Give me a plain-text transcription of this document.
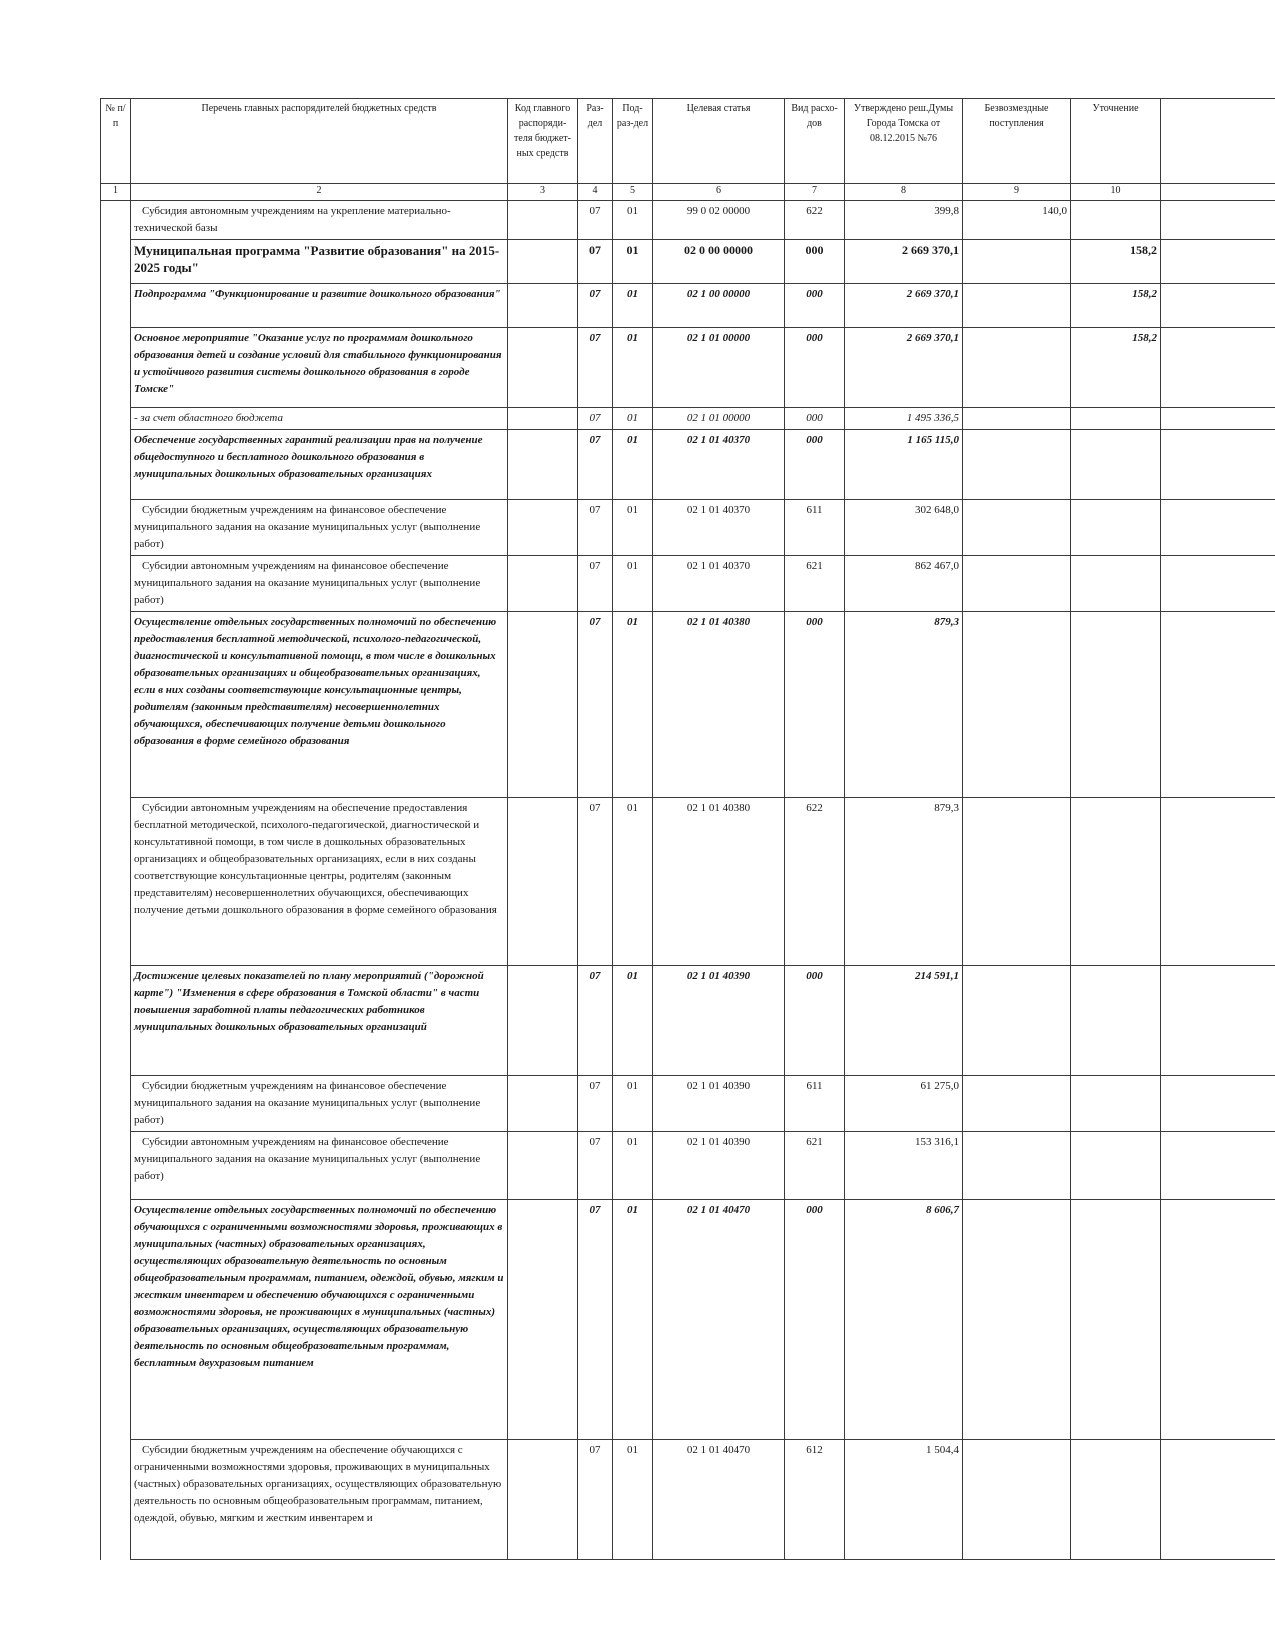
№ п/п	Перечень главных распорядителей бюджетных средств	Код главного распоряди-теля бюджет-ных средств	Раз-дел	Под-раз-дел	Целевая статья	Вид расхо-дов	Утверждено реш.Думы Города Томска от 08.12.2015 №76	Безвозмездные поступления	Уточнение	
1	2	3	4	5	6	7	8	9	10	
	Субсидия автономным учреждениям на укрепление материально-технической базы		07	01	99 0 02 00000	622	399,8	140,0		
	Муниципальная программа "Развитие образования" на 2015-2025 годы"		07	01	02 0 00 00000	000	2 669 370,1		158,2	
	Подпрограмма "Функционирование и развитие дошкольного образования"		07	01	02 1 00 00000	000	2 669 370,1		158,2	
	Основное мероприятие "Оказание услуг по программам дошкольного образования детей и создание условий для стабильного функционирования и устойчивого развития системы дошкольного образования в городе Томске"		07	01	02 1 01 00000	000	2 669 370,1		158,2	
	- за счет областного бюджета		07	01	02 1 01 00000	000	1 495 336,5			
	Обеспечение государственных гарантий реализации прав на получение общедоступного и бесплатного дошкольного образования в муниципальных дошкольных образовательных организациях		07	01	02 1 01 40370	000	1 165 115,0			
	Субсидии бюджетным учреждениям на финансовое обеспечение муниципального задания на оказание муниципальных услуг (выполнение работ)		07	01	02 1 01 40370	611	302 648,0			
	Субсидии автономным учреждениям на финансовое обеспечение муниципального задания на оказание муниципальных услуг (выполнение работ)		07	01	02 1 01 40370	621	862 467,0			
	Осуществление отдельных государственных полномочий по обеспечению предоставления бесплатной методической, психолого-педагогической, диагностической и консультативной помощи, в том числе в дошкольных образовательных организациях и общеобразовательных организациях, если в них созданы соответствующие консультационные центры, родителям (законным представителям) несовершеннолетних обучающихся, обеспечивающих получение детьми дошкольного образования в форме семейного образования		07	01	02 1 01 40380	000	879,3			
	Субсидии автономным учреждениям на обеспечение предоставления бесплатной методической, психолого-педагогической, диагностической и консультативной помощи, в том числе в дошкольных образовательных организациях и общеобразовательных организациях, если в них созданы соответствующие консультационные центры, родителям (законным представителям) несовершеннолетних обучающихся, обеспечивающих получение детьми дошкольного образования в форме семейного образования		07	01	02 1 01 40380	622	879,3			
	Достижение целевых показателей по плану мероприятий ("дорожной карте") "Изменения в сфере образования в Томской области" в части повышения заработной платы педагогических работников муниципальных дошкольных образовательных организаций		07	01	02 1 01 40390	000	214 591,1			
	Субсидии бюджетным учреждениям на финансовое обеспечение муниципального задания на оказание муниципальных услуг (выполнение работ)		07	01	02 1 01 40390	611	61 275,0			
	Субсидии автономным учреждениям на финансовое обеспечение муниципального задания на оказание муниципальных услуг (выполнение работ)		07	01	02 1 01 40390	621	153 316,1			
	Осуществление отдельных государственных полномочий по обеспечению обучающихся с ограниченными возможностями здоровья, проживающих в муниципальных (частных) образовательных организациях, осуществляющих образовательную деятельность по основным общеобразовательным программам, питанием, одеждой, обувью, мягким и жестким инвентарем и обеспечению обучающихся с ограниченными возможностями здоровья, не проживающих в муниципальных (частных) образовательных организациях, осуществляющих образовательную деятельность по основным общеобразовательным программам, бесплатным двухразовым питанием		07	01	02 1 01 40470	000	8 606,7			
	Субсидии бюджетным учреждениям на обеспечение обучающихся с ограниченными возможностями здоровья, проживающих в муниципальных (частных) образовательных организациях, осуществляющих образовательную деятельность по основным общеобразовательным программам, питанием, одеждой, обувью, мягким и жестким инвентарем и		07	01	02 1 01 40470	612	1 504,4			
